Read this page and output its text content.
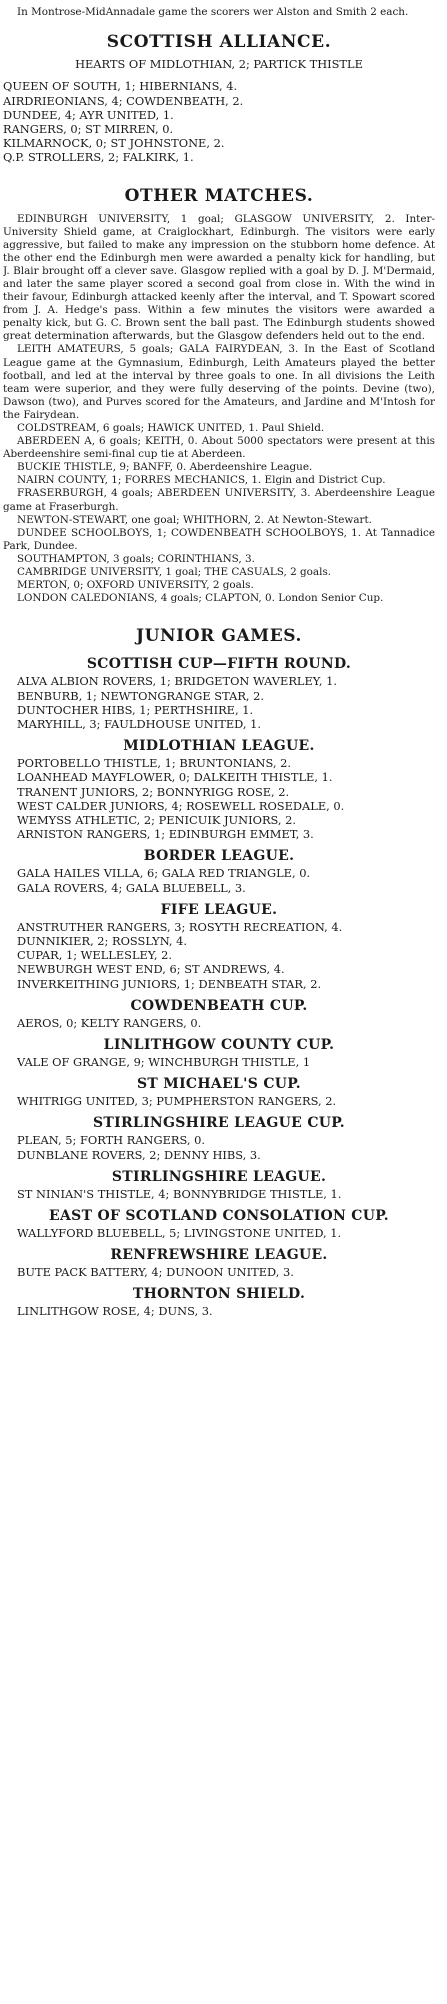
In Montrose-MidAnnadale game the scorers wer Alston and Smith 2 each.

SCOTTISH ALLIANCE.

HEARTS OF MIDLOTHIAN, 2; PARTICK THISTLE

QUEEN OF SOUTH, 1; HIBERNIANS, 4.

AIRDRIEONIANS, 4; COWDENBEATH, 2.

DUNDEE, 4; AYR UNITED, 1.

RANGERS, 0; ST MIRREN, 0.

KILMARNOCK, 0; ST JOHNSTONE, 2.

Q.P. STROLLERS, 2; FALKIRK, 1.

OTHER MATCHES.

EDINBURGH UNIVERSITY, 1 goal; GLASGOW UNIVERSITY, 2. Inter-University Shield game, at Craiglockhart, Edinburgh. The visitors were early aggressive, but failed to make any impression on the stubborn home defence. At the other end the Edinburgh men were awarded a penalty kick for handling, but J. Blair brought off a clever save. Glasgow replied with a goal by D. J. M'Dermaid, and later the same player scored a second goal from close in. With the wind in their favour, Edinburgh attacked keenly after the interval, and T. Spowart scored from J. A. Hedge's pass. Within a few minutes the visitors were awarded a penalty kick, but G. C. Brown sent the ball past. The Edinburgh students showed great determination afterwards, but the Glasgow defenders held out to the end.

LEITH AMATEURS, 5 goals; GALA FAIRYDEAN, 3. In the East of Scotland League game at the Gymnasium, Edinburgh, Leith Amateurs played the better football, and led at the interval by three goals to one. In all divisions the Leith team were superior, and they were fully deserving of the points. Devine (two), Dawson (two), and Purves scored for the Amateurs, and Jardine and M'Intosh for the Fairydean.

COLDSTREAM, 6 goals; HAWICK UNITED, 1. Paul Shield.

ABERDEEN A, 6 goals; KEITH, 0. About 5000 spectators were present at this Aberdeenshire semi-final cup tie at Aberdeen.

BUCKIE THISTLE, 9; BANFF, 0. Aberdeenshire League.

NAIRN COUNTY, 1; FORRES MECHANICS, 1. Elgin and District Cup.

FRASERBURGH, 4 goals; ABERDEEN UNIVERSITY, 3. Aberdeenshire League game at Fraserburgh.

NEWTON-STEWART, one goal; WHITHORN, 2. At Newton-Stewart.

DUNDEE SCHOOLBOYS, 1; COWDENBEATH SCHOOLBOYS, 1. At Tannadice Park, Dundee.

SOUTHAMPTON, 3 goals; CORINTHIANS, 3.

CAMBRIDGE UNIVERSITY, 1 goal; THE CASUALS, 2 goals.

MERTON, 0; OXFORD UNIVERSITY, 2 goals.

LONDON CALEDONIANS, 4 goals; CLAPTON, 0. London Senior Cup.

JUNIOR GAMES.
SCOTTISH CUP—FIFTH ROUND.

ALVA ALBION ROVERS, 1; BRIDGETON WAVERLEY, 1.

BENBURB, 1; NEWTONGRANGE STAR, 2.

DUNTOCHER HIBS, 1; PERTHSHIRE, 1.

MARYHILL, 3; FAULDHOUSE UNITED, 1.

MIDLOTHIAN LEAGUE.

PORTOBELLO THISTLE, 1; BRUNTONIANS, 2.

LOANHEAD MAYFLOWER, 0; DALKEITH THISTLE, 1.

TRANENT JUNIORS, 2; BONNYRIGG ROSE, 2.

WEST CALDER JUNIORS, 4; ROSEWELL ROSEDALE, 0.

WEMYSS ATHLETIC, 2; PENICUIK JUNIORS, 2.

ARNISTON RANGERS, 1; EDINBURGH EMMET, 3.

BORDER LEAGUE.

GALA HAILES VILLA, 6; GALA RED TRIANGLE, 0.

GALA ROVERS, 4; GALA BLUEBELL, 3.

FIFE LEAGUE.

ANSTRUTHER RANGERS, 3; ROSYTH RECREATION, 4.

DUNNIKIER, 2; ROSSLYN, 4.

CUPAR, 1; WELLESLEY, 2.

NEWBURGH WEST END, 6; ST ANDREWS, 4.

INVERKEITHING JUNIORS, 1; DENBEATH STAR, 2.

COWDENBEATH CUP.

AEROS, 0; KELTY RANGERS, 0.

LINLITHGOW COUNTY CUP.

VALE OF GRANGE, 9; WINCHBURGH THISTLE, 1

ST MICHAEL'S CUP.

WHITRIGG UNITED, 3; PUMPHERSTON RANGERS, 2.

STIRLINGSHIRE LEAGUE CUP.

PLEAN, 5; FORTH RANGERS, 0.

DUNBLANE ROVERS, 2; DENNY HIBS, 3.

STIRLINGSHIRE LEAGUE.

ST NINIAN'S THISTLE, 4; BONNYBRIDGE THISTLE, 1.

EAST OF SCOTLAND CONSOLATION CUP.

WALLYFORD BLUEBELL, 5; LIVINGSTONE UNITED, 1.

RENFREWSHIRE LEAGUE.

BUTE PACK BATTERY, 4; DUNOON UNITED, 3.

THORNTON SHIELD.

LINLITHGOW ROSE, 4; DUNS, 3.
